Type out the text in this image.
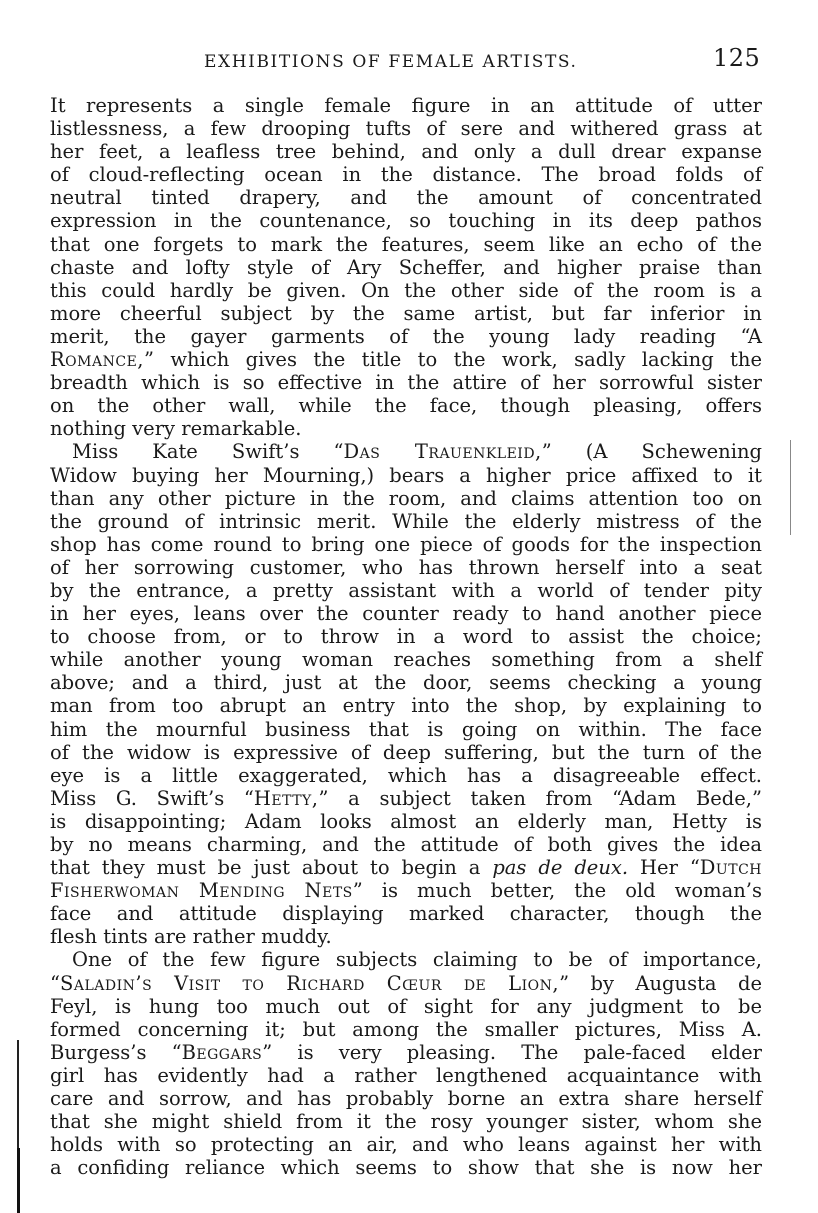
EXHIBITIONS OF FEMALE ARTISTS.	125
It represents a single female figure in an attitude of utter
listlessness, a few drooping tufts of sere and withered grass at
her feet, a leafless tree behind, and only a dull drear expanse
of cloud-reflecting ocean in the distance. The broad folds of
neutral tinted drapery, and the amount of concentrated
expression in the countenance, so touching in its deep pathos
that one forgets to mark the features, seem like an echo of the
chaste and lofty style of Ary Scheffer, and higher praise than
this could hardly be given. On the other side of the room is a
more cheerful subject by the same artist, but far inferior in
merit, the gayer garments of the young lady reading “A
Romance,” which gives the title to the work, sadly lacking the
breadth which is so effective in the attire of her sorrowful sister
on the other wall, while the face, though pleasing, offers
nothing very remarkable.
Miss Kate Swift’s “Das Trauenkleid,” (A Schewening
Widow buying her Mourning,) bears a higher price affixed to it
than any other picture in the room, and claims attention too on
the ground of intrinsic merit. While the elderly mistress of the
shop has come round to bring one piece of goods for the inspection
of her sorrowing customer, who has thrown herself into a seat
by the entrance, a pretty assistant with a world of tender pity
in her eyes, leans over the counter ready to hand another piece
to choose from, or to throw in a word to assist the choice;
while another young woman reaches something from a shelf
above; and a third, just at the door, seems checking a young
man from too abrupt an entry into the shop, by explaining to
him the mournful business that is going on within. The face
of the widow is expressive of deep suffering, but the turn of the
eye is a little exaggerated, which has a disagreeable effect.
Miss G. Swift’s “Hetty,” a subject taken from “Adam Bede,”
is disappointing; Adam looks almost an elderly man, Hetty is
by no means charming, and the attitude of both gives the idea
that they must be just about to begin a pas de deux. Her “Dutch
Fisherwoman Mending Nets” is much better, the old woman’s
face and attitude displaying marked character, though the
flesh tints are rather muddy.
One of the few figure subjects claiming to be of importance,
“Saladin’s Visit to Richard Cœur de Lion,” by Augusta de
Feyl, is hung too much out of sight for any judgment to be
formed concerning it; but among the smaller pictures, Miss A.
Burgess’s “Beggars” is very pleasing. The pale-faced elder
girl has evidently had a rather lengthened acquaintance with
care and sorrow, and has probably borne an extra share herself
that she might shield from it the rosy younger sister, whom she
holds with so protecting an air, and who leans against her with
a confiding reliance which seems to show that she is now her
